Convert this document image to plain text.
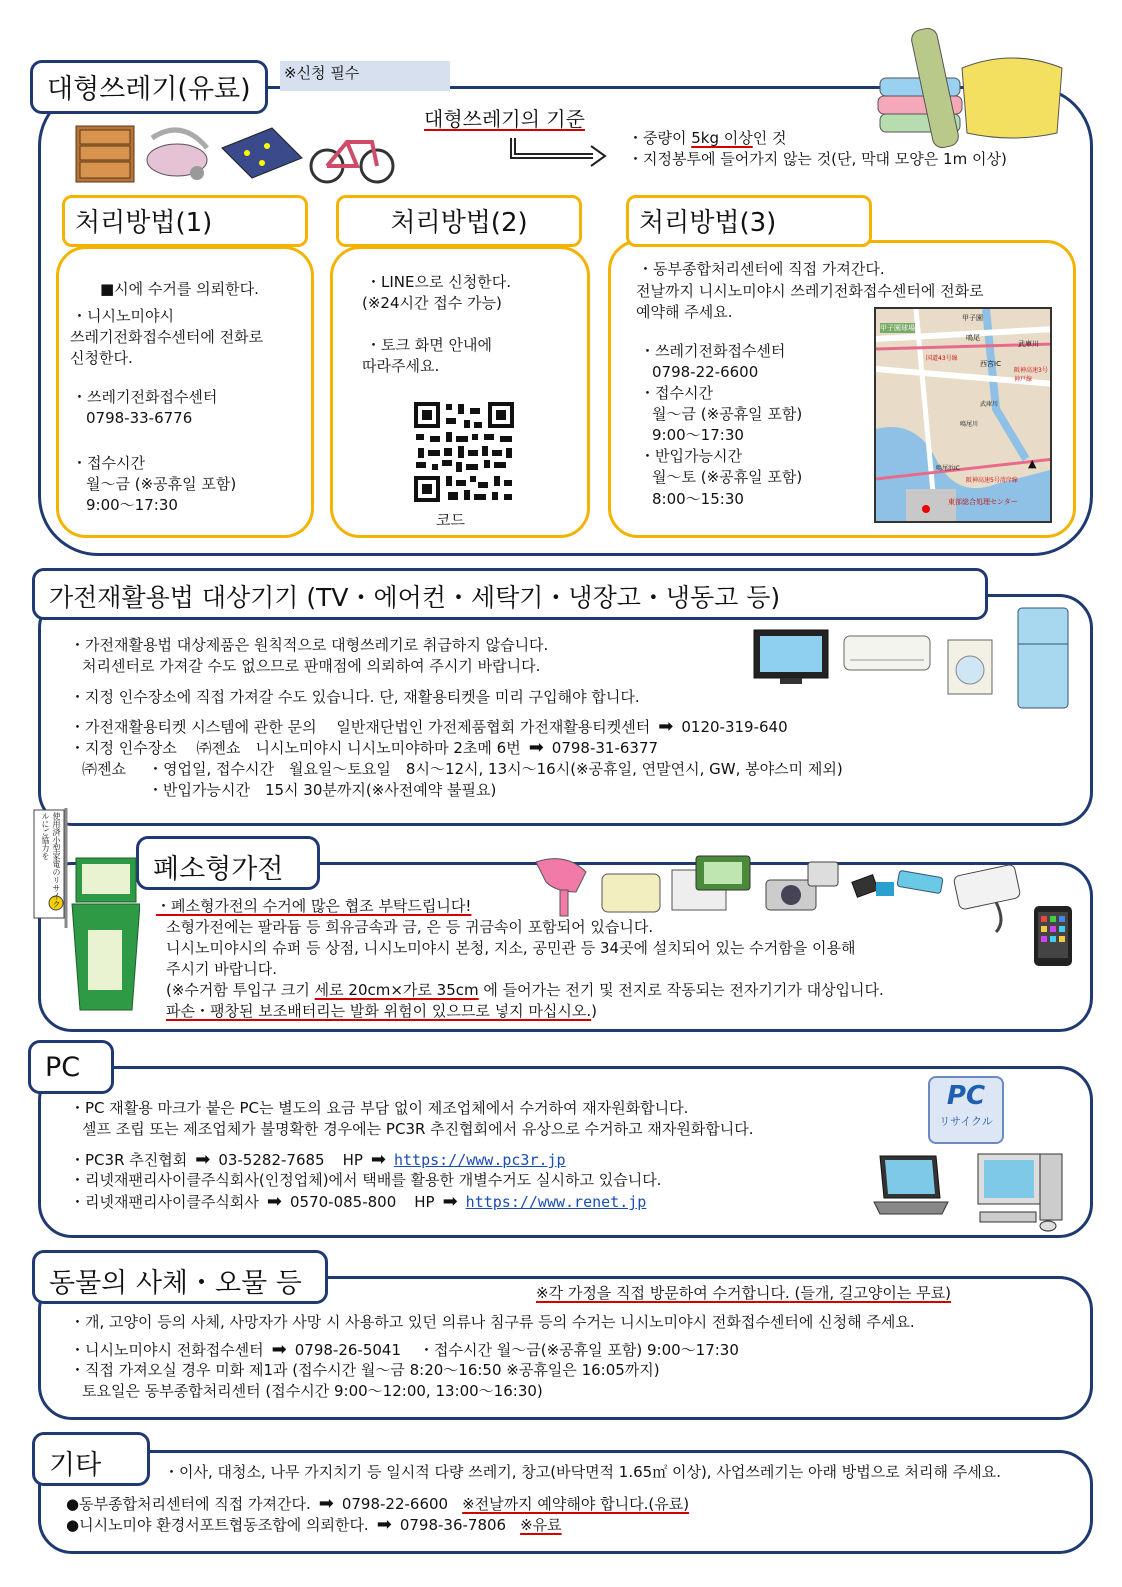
대형쓰레기(유료)
※신청 필수
대형쓰레기의 기준
・중량이 5kg 이상인 것
・지정봉투에 들어가지 않는 것(단, 막대 모양은 1m 이상)
처리방법(1)
■시에 수거를 의뢰한다.
・니시노미야시
쓰레기전화접수센터에 전화로
신청한다.
・쓰레기전화접수센터
0798-33-6776
・접수시간
월～금 (※공휴일 포함)
9:00～17:30
처리방법(2)
・LINE으로 신청한다.
(※24시간 접수 가능)
・토크 화면 안내에
따라주세요.
코드
처리방법(3)
・동부종합처리센터에 직접 가져간다.
전날까지 니시노미야시 쓰레기전화접수센터에 전화로
예약해 주세요.
・쓰레기전화접수센터
0798-22-6600
・접수시간
월～금 (※공휴일 포함)
9:00～17:30
・반입가능시간
월～토 (※공휴일 포함)
8:00～15:30
甲子園球場
甲子園
鳴尾
武庫川
阪神高速3号神戸線
国道43号線
西宮IC
鳴尾川
武庫川
鳴尾浜IC
阪神高速5号湾岸線
東部総合処理センター
▲
가전재활용법 대상기기 (TV・에어컨・세탁기・냉장고・냉동고 등)
・가전재활용법 대상제품은 원칙적으로 대형쓰레기로 취급하지 않습니다.
처리센터로 가져갈 수도 없으므로 판매점에 의뢰하여 주시기 바랍니다.
・지정 인수장소에 직접 가져갈 수도 있습니다. 단, 재활용티켓을 미리 구입해야 합니다.
・가전재활용티켓 시스템에 관한 문의　 일반재단법인 가전제품협회 가전재활용티켓센터 ➡ 0120-319-640
・지정 인수장소　 ㈜젠쇼　니시노미야시 니시노미야하마 2초메 6번 ➡ 0798-31-6377
㈜젠쇼 ・영업일, 접수시간　월요일～토요일　8시～12시, 13시～16시(※공휴일, 연말연시, GW, 봉야스미 제외)
・반입가능시간　15시 30분까지(※사전예약 불필요)
폐소형가전
使用済小型家電のリサイクルにご協力を
・폐소형가전의 수거에 많은 협조 부탁드립니다!
소형가전에는 팔라듐 등 희유금속과 금, 은 등 귀금속이 포함되어 있습니다.
니시노미야시의 슈퍼 등 상점, 니시노미야시 본청, 지소, 공민관 등 34곳에 설치되어 있는 수거함을 이용해
주시기 바랍니다.
(※수거함 투입구 크기 세로 20cm×가로 35cm 에 들어가는 전기 및 전지로 작동되는 전자기기가 대상입니다.
파손・팽창된 보조배터리는 발화 위험이 있으므로 넣지 마십시오.)
PC
・PC 재활용 마크가 붙은 PC는 별도의 요금 부담 없이 제조업체에서 수거하여 재자원화합니다.
셀프 조립 또는 제조업체가 불명확한 경우에는 PC3R 추진협회에서 유상으로 수거하고 재자원화합니다.
・PC3R 추진협회 ➡ 03-5282-7685 HP ➡ https://www.pc3r.jp
・리넷재팬리사이클주식회사(인정업체)에서 택배를 활용한 개별수거도 실시하고 있습니다.
・리넷재팬리사이클주식회사 ➡ 0570-085-800 HP ➡ https://www.renet.jp
PC
リサイクル
동물의 사체・오물 등	※각 가정을 직접 방문하여 수거합니다. (들개, 길고양이는 무료)
・개, 고양이 등의 사체, 사망자가 사망 시 사용하고 있던 의류나 침구류 등의 수거는 니시노미야시 전화접수센터에 신청해 주세요.
・니시노미야시 전화접수센터 ➡ 0798-26-5041 ・접수시간 월～금(※공휴일 포함) 9:00～17:30
・직접 가져오실 경우 미화 제1과 (접수시간 월～금 8:20～16:50 ※공휴일은 16:05까지)
토요일은 동부종합처리센터 (접수시간 9:00～12:00, 13:00～16:30)
기타	・이사, 대청소, 나무 가지치기 등 일시적 다량 쓰레기, 창고(바닥면적 1.65㎡ 이상), 사업쓰레기는 아래 방법으로 처리해 주세요.
●동부종합처리센터에 직접 가져간다. ➡ 0798-22-6600 ※전날까지 예약해야 합니다.(유료)
●니시노미야 환경서포트협동조합에 의뢰한다. ➡ 0798-36-7806 ※유료
